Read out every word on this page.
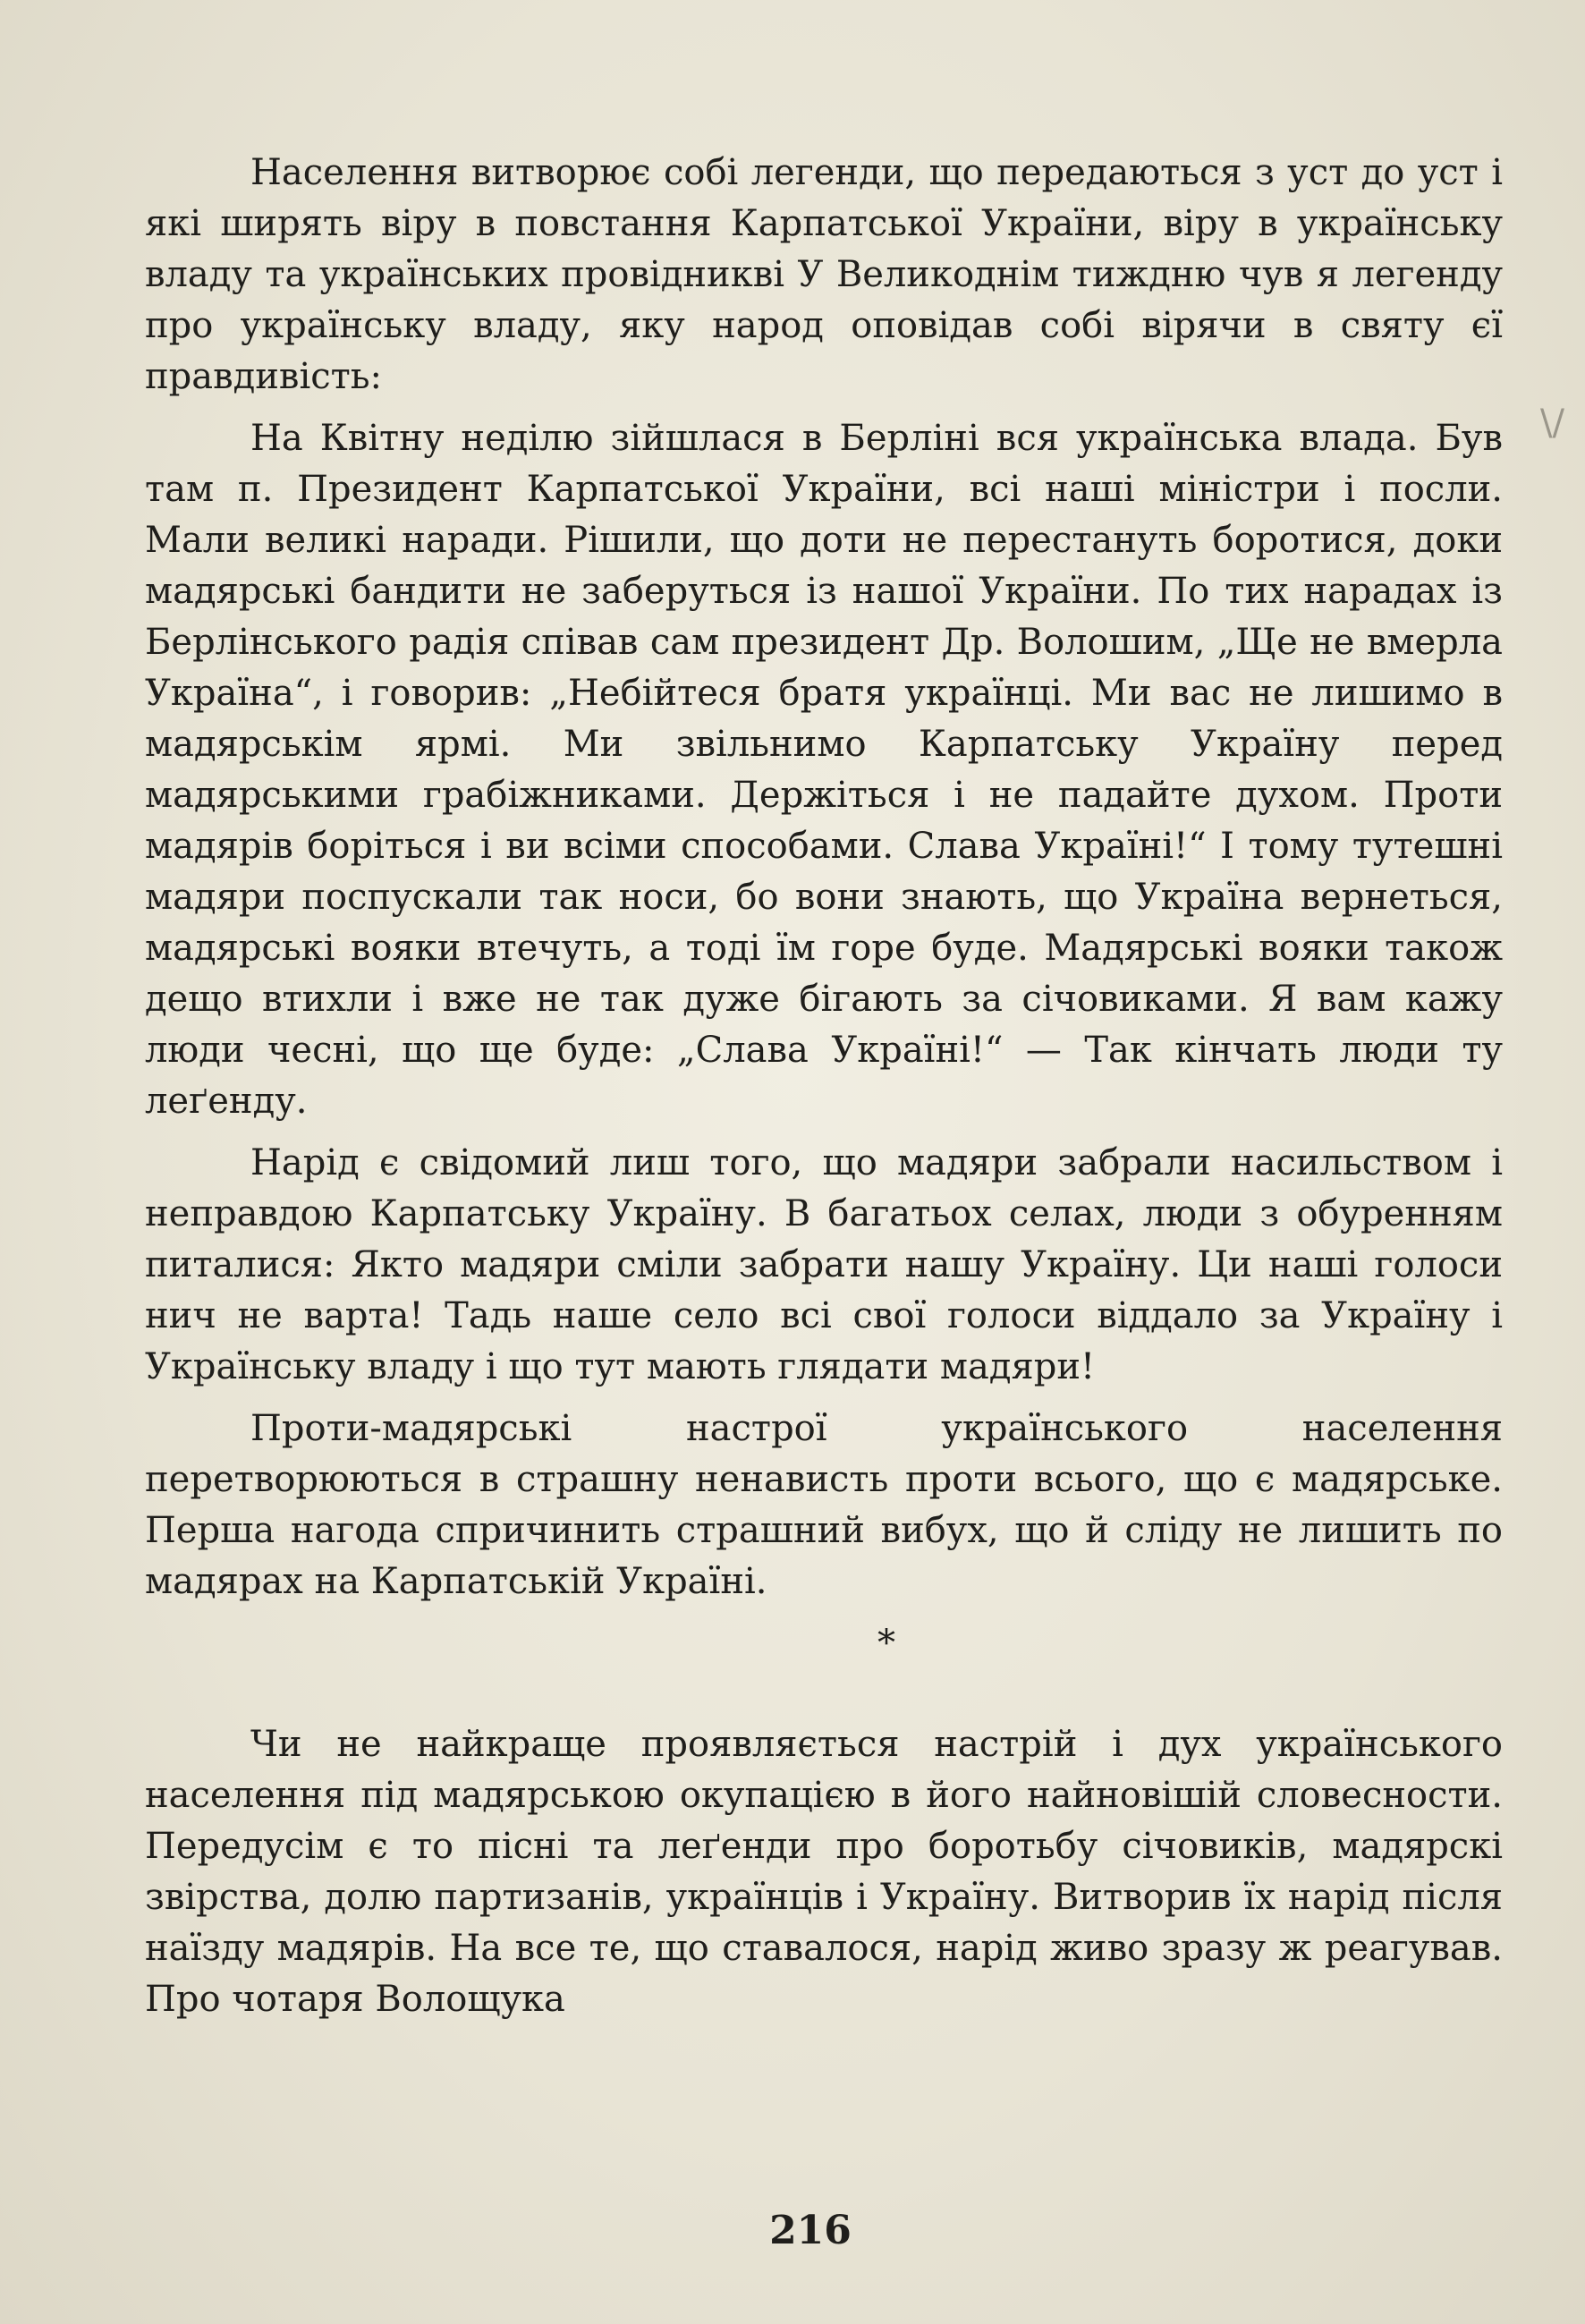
Населення витворює собі легенди, що передаються з уст до уст і які ширять віру в повстання Карпатської України, віру в українську владу та українських провідникві У Великоднім тиждню чув я легенду про українську владу, яку народ оповідав собі вірячи в святу єї правдивість:

На Квітну неділю зійшлася в Берліні вся українська влада. Був там п. Президент Карпатської України, всі наші міністри і посли. Мали великі наради. Рішили, що доти не перестануть боротися, доки мадярські бандити не заберуться із нашої України. По тих нарадах із Берлінського радія співав сам президент Др. Волошим, „Ще не вмерла Україна“, і говорив: „Небійтеся братя українці. Ми вас не лишимо в мадярськім ярмі. Ми звільнимо Карпатську Україну перед мадярськими грабіжниками. Держіться і не падайте духом. Проти мадярів боріться і ви всіми способами. Слава Україні!“ І тому тутешні мадяри поспускали так носи, бо вони знають, що Україна вернеться, мадярські вояки втечуть, а тоді їм горе буде. Мадярські вояки також дещо втихли і вже не так дуже бігають за січовиками. Я вам кажу люди чесні, що ще буде: „Слава Україні!“ — Так кінчать люди ту леґенду.

Нарід є свідомий лиш того, що мадяри забрали насильством і неправдою Карпатську Україну. В багатьох селах, люди з обуренням питалися: Якто мадяри сміли забрати нашу Україну. Ци наші голоси нич не варта! Тадь наше село всі свої голоси віддало за Україну і Українську владу і що тут мають глядати мадяри!

Проти-мадярські настрої українського населення перетворюються в страшну ненависть проти всього, що є мадярське. Перша нагода спричинить страшний вибух, що й сліду не лишить по мадярах на Карпатській Україні.

*

Чи не найкраще проявляється настрій і дух українського населення під мадярською окупацією в його найновішій словесности. Передусім є то пісні та леґенди про боротьбу січовиків, мадярскі звірства, долю партизанів, українців і Україну. Витворив їх нарід після наїзду мадярів. На все те, що ставалося, нарід живо зразу ж реагував. Про чотаря Волощука

\/
216
